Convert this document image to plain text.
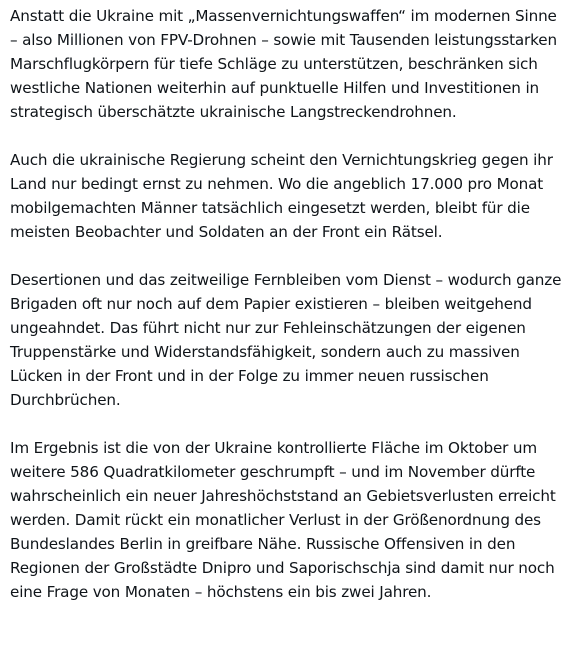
Anstatt die Ukraine mit „Massenvernichtungswaffen“ im modernen Sinne – also Millionen von FPV-Drohnen – sowie mit Tausenden leistungsstarken Marschflugkörpern für tiefe Schläge zu unterstützen, beschränken sich westliche Nationen weiterhin auf punktuelle Hilfen und Investitionen in strategisch überschätzte ukrainische Langstreckendrohnen.

Auch die ukrainische Regierung scheint den Vernichtungskrieg gegen ihr Land nur bedingt ernst zu nehmen. Wo die angeblich 17.000 pro Monat mobilgemachten Männer tatsächlich eingesetzt werden, bleibt für die meisten Beobachter und Soldaten an der Front ein Rätsel.

Desertionen und das zeitweilige Fernbleiben vom Dienst – wodurch ganze Brigaden oft nur noch auf dem Papier existieren – bleiben weitgehend ungeahndet. Das führt nicht nur zur Fehleinschätzungen der eigenen Truppenstärke und Widerstandsfähigkeit, sondern auch zu massiven Lücken in der Front und in der Folge zu immer neuen russischen Durchbrüchen.

Im Ergebnis ist die von der Ukraine kontrollierte Fläche im Oktober um weitere 586 Quadratkilometer geschrumpft – und im November dürfte wahrscheinlich ein neuer Jahreshöchststand an Gebietsverlusten erreicht werden. Damit rückt ein monatlicher Verlust in der Größenordnung des Bundeslandes Berlin in greifbare Nähe. Russische Offensiven in den Regionen der Großstädte Dnipro und Saporischschja sind damit nur noch eine Frage von Monaten – höchstens ein bis zwei Jahren.
